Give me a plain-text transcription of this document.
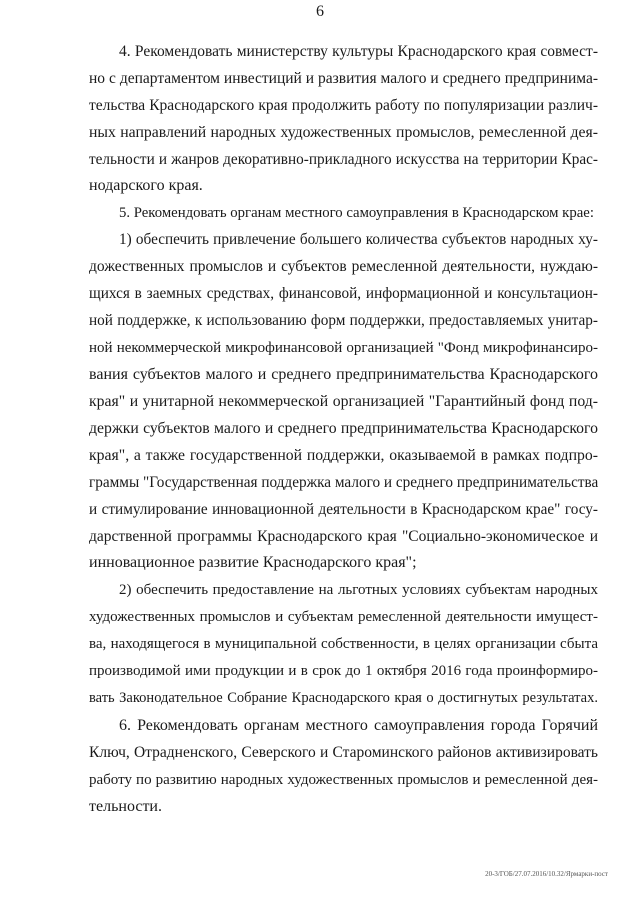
6
4. Рекомендовать министерству культуры Краснодарского края совмест-
но с департаментом инвестиций и развития малого и среднего предпринима-
тельства Краснодарского края продолжить работу по популяризации различ-
ных направлений народных художественных промыслов, ремесленной дея-
тельности и жанров декоративно-прикладного искусства на территории Крас-
нодарского края.
5. Рекомендовать органам местного самоуправления в Краснодарском крае:
1) обеспечить привлечение большего количества субъектов народных ху-
дожественных промыслов и субъектов ремесленной деятельности, нуждаю-
щихся в заемных средствах, финансовой, информационной и консультацион-
ной поддержке, к использованию форм поддержки, предоставляемых унитар-
ной некоммерческой микрофинансовой организацией "Фонд микрофинансиро-
вания субъектов малого и среднего предпринимательства Краснодарского
края" и унитарной некоммерческой организацией "Гарантийный фонд под-
держки субъектов малого и среднего предпринимательства Краснодарского
края", а также государственной поддержки, оказываемой в рамках подпро-
граммы "Государственная поддержка малого и среднего предпринимательства
и стимулирование инновационной деятельности в Краснодарском крае" госу-
дарственной программы Краснодарского края "Социально-экономическое и
инновационное развитие Краснодарского края";
2) обеспечить предоставление на льготных условиях субъектам народных
художественных промыслов и субъектам ремесленной деятельности имущест-
ва, находящегося в муниципальной собственности, в целях организации сбыта
производимой ими продукции и в срок до 1 октября 2016 года проинформиро-
вать Законодательное Собрание Краснодарского края о достигнутых результатах.
6. Рекомендовать органам местного самоуправления города Горячий
Ключ, Отрадненского, Северского и Староминского районов активизировать
работу по развитию народных художественных промыслов и ремесленной дея-
тельности.
20-3/ГОБ/27.07.2016/10.32/Ярмарки-пост
